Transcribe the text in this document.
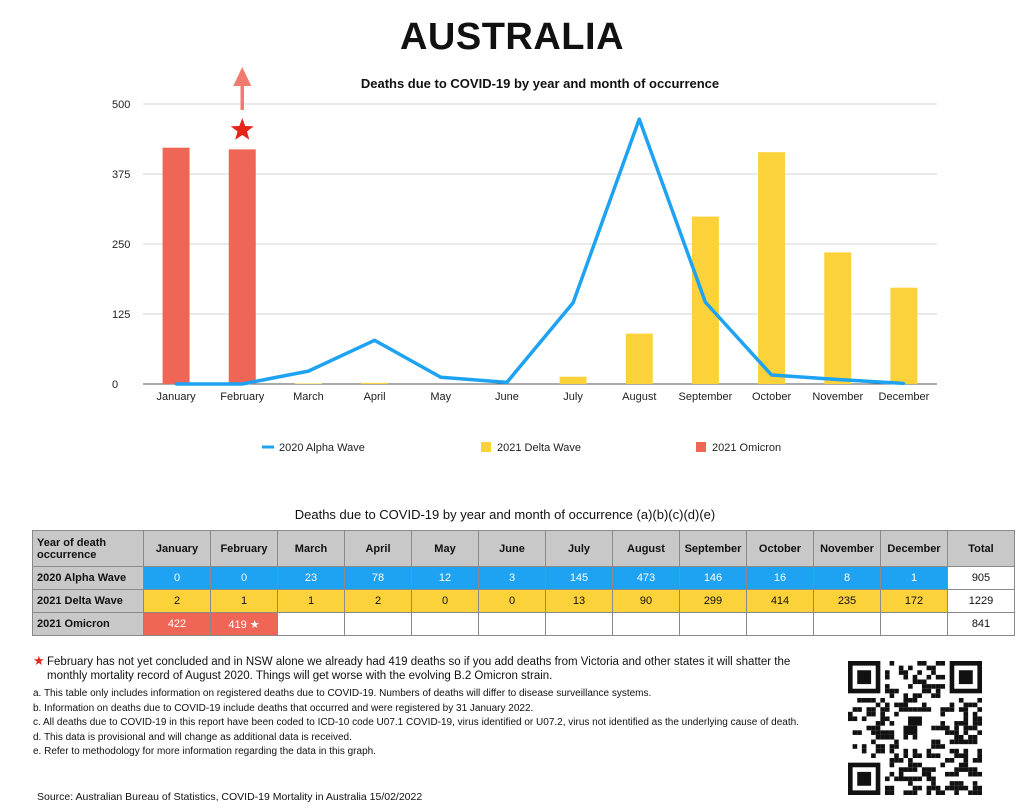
AUSTRALIA
Deaths due to COVID-19 by year and month of occurrence
0
125
250
375
500
January February	March	April	May	June	July	August September October November December
2020 Alpha Wave	2021 Delta Wave	2021 Omicron
Deaths due to COVID-19 by year and month of occurrence (a)(b)(c)(d)(e)
Year of death occurrence	January	February	March	April	May	June	July	August	September	October	November	December	Total
2020 Alpha Wave	0	0	23	78	12	3	145	473	146	16	8	1	905
2021 Delta Wave	2	1	1	2	0	0	13	90	299	414	235	172	1229
2021 Omicron	422	419 ★											841
★ February has not yet concluded and in NSW alone we already had 419 deaths so if you add deaths from Victoria and other states it will shatter the monthly mortality record of August 2020. Things will get worse with the evolving B.2 Omicron strain.
a. This table only includes information on registered deaths due to COVID-19. Numbers of deaths will differ to disease surveillance systems.
b. Information on deaths due to COVID-19 include deaths that occurred and were registered by 31 January 2022.
c. All deaths due to COVID-19 in this report have been coded to ICD-10 code U07.1 COVID-19, virus identified or U07.2, virus not identified as the underlying cause of death.
d. This data is provisional and will change as additional data is received.
e. Refer to methodology for more information regarding the data in this graph.
Source: Australian Bureau of Statistics, COVID-19 Mortality in Australia 15/02/2022
